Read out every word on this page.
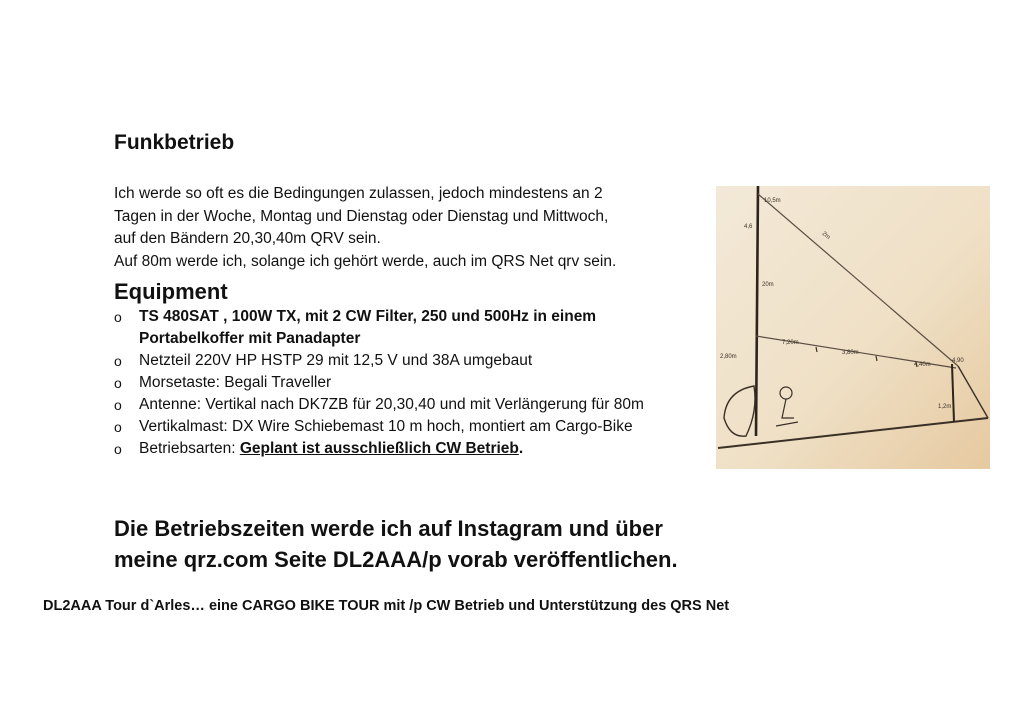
Funkbetrieb

Ich werde so oft es die Bedingungen zulassen, jedoch mindestens an 2

Tagen in der Woche, Montag und Dienstag oder Dienstag und Mittwoch,

auf den Bändern 20,30,40m QRV sein.

Auf 80m werde ich, solange ich gehört werde, auch im QRS Net qrv sein.

Equipment
o TS 480SAT , 100W TX, mit 2 CW Filter, 250 und 500Hz in einem Portabelkoffer mit Panadapter
o Netzteil 220V HP HSTP 29 mit 12,5 V und 38A umgebaut
o Morsetaste: Begali Traveller
o Antenne: Vertikal nach DK7ZB für 20,30,40 und mit Verlängerung für 80m
o Vertikalmast: DX Wire Schiebemast 10 m hoch, montiert am Cargo-Bike
o Betriebsarten: Geplant ist ausschließlich CW Betrieb.
Die Betriebszeiten werde ich auf Instagram und über
meine qrz.com Seite DL2AAA/p vorab veröffentlichen.
DL2AAA Tour d`Arles… eine CARGO BIKE TOUR mit /p CW Betrieb und Unterstützung des QRS Net
10,5m
20m
7,20m
3,80m
4,40m
4,90
1,2m
2,80m
2m
4,6
